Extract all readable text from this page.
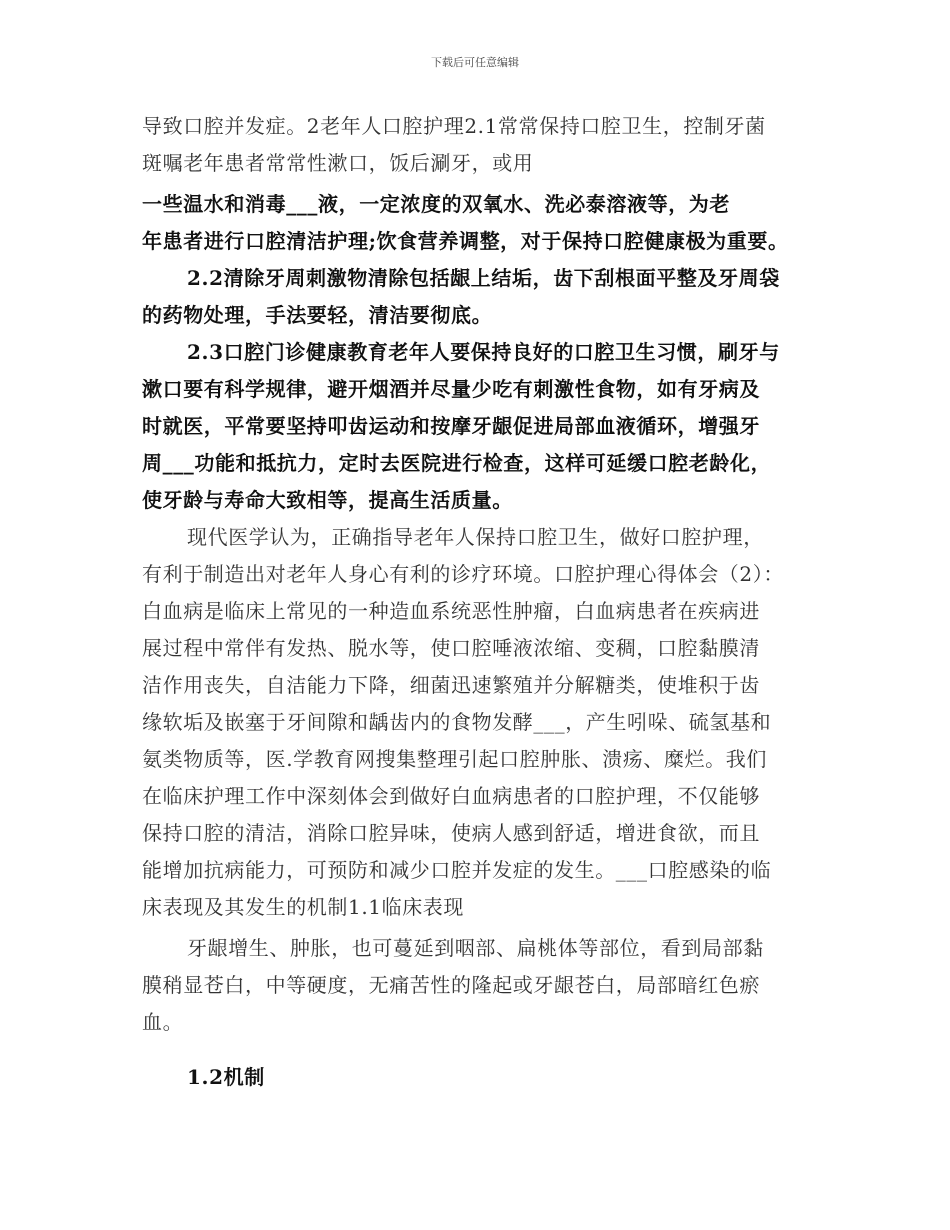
下载后可任意编辑
导致口腔并发症。2老年人口腔护理2.1常常保持口腔卫生，控制牙菌
斑嘱老年患者常常性漱口，饭后涮牙，或用
一些温水和消毒___液，一定浓度的双氧水、洗必泰溶液等，为老
年患者进行口腔清洁护理;饮食营养调整，对于保持口腔健康极为重要。
2.2清除牙周刺激物清除包括龈上结垢，齿下刮根面平整及牙周袋
的药物处理，手法要轻，清洁要彻底。
2.3口腔门诊健康教育老年人要保持良好的口腔卫生习惯，刷牙与
漱口要有科学规律，避开烟酒并尽量少吃有刺激性食物，如有牙病及
时就医，平常要坚持叩齿运动和按摩牙龈促进局部血液循环，增强牙
周___功能和抵抗力，定时去医院进行检查，这样可延缓口腔老龄化，
使牙龄与寿命大致相等，提高生活质量。
现代医学认为，正确指导老年人保持口腔卫生，做好口腔护理，
有利于制造出对老年人身心有利的诊疗环境。口腔护理心得体会（2）：
白血病是临床上常见的一种造血系统恶性肿瘤，白血病患者在疾病进
展过程中常伴有发热、脱水等，使口腔唾液浓缩、变稠，口腔黏膜清
洁作用丧失，自洁能力下降，细菌迅速繁殖并分解糖类，使堆积于齿
缘软垢及嵌塞于牙间隙和龋齿内的食物发酵___，产生吲哚、硫氢基和
氨类物质等，医.学教育网搜集整理引起口腔肿胀、溃疡、糜烂。我们
在临床护理工作中深刻体会到做好白血病患者的口腔护理，不仅能够
保持口腔的清洁，消除口腔异味，使病人感到舒适，增进食欲，而且
能增加抗病能力，可预防和减少口腔并发症的发生。___口腔感染的临
床表现及其发生的机制1.1临床表现
牙龈增生、肿胀，也可蔓延到咽部、扁桃体等部位，看到局部黏
膜稍显苍白，中等硬度，无痛苦性的隆起或牙龈苍白，局部暗红色瘀
血。
1.2机制
